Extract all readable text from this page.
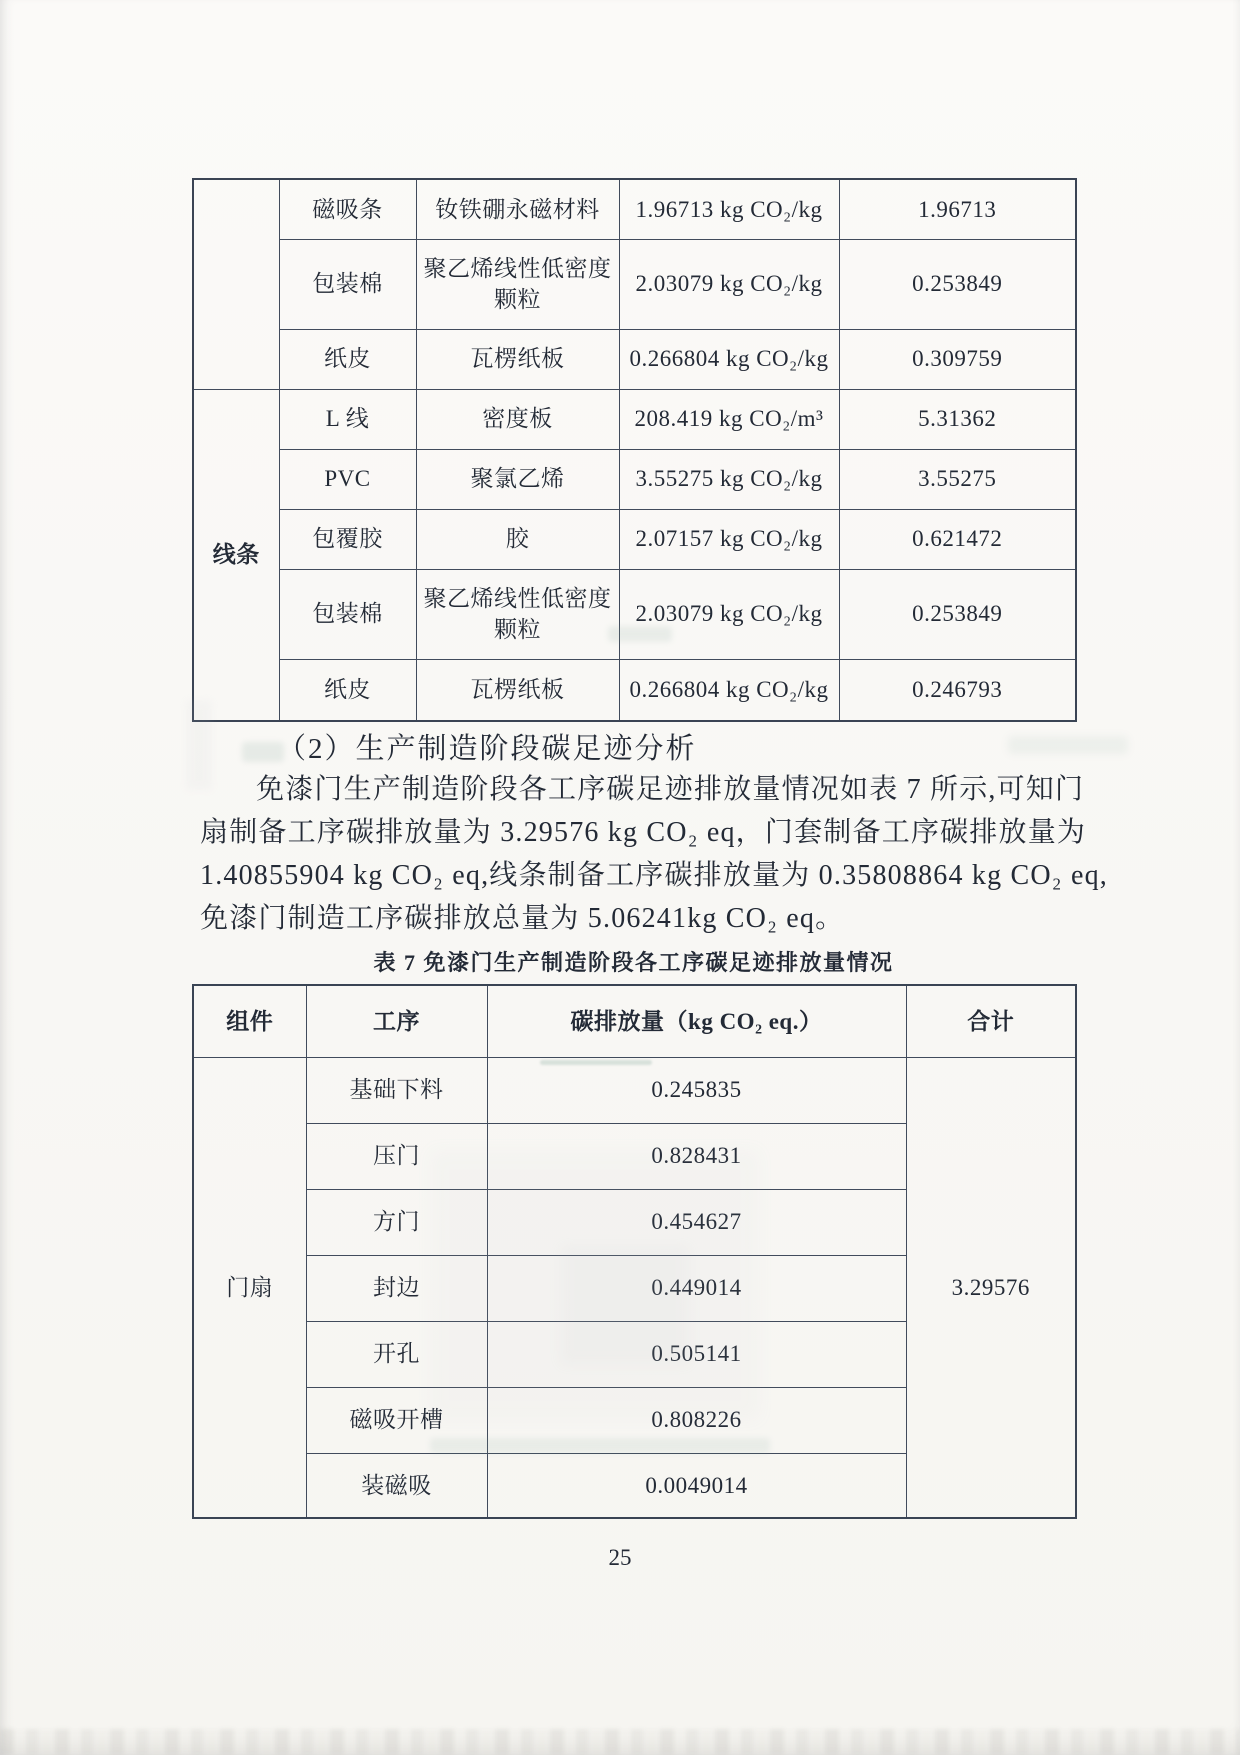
	磁吸条	钕铁硼永磁材料	1.96713 kg CO₂/kg	1.96713
	包装棉	聚乙烯线性低密度颗粒	2.03079 kg CO₂/kg	0.253849
	纸皮	瓦楞纸板	0.266804 kg CO₂/kg	0.309759
线条	L 线	密度板	208.419 kg CO₂/m³	5.31362
	PVC	聚氯乙烯	3.55275 kg CO₂/kg	3.55275
	包覆胶	胶	2.07157 kg CO₂/kg	0.621472
	包装棉	聚乙烯线性低密度颗粒	2.03079 kg CO₂/kg	0.253849
	纸皮	瓦楞纸板	0.266804 kg CO₂/kg	0.246793
（2）生产制造阶段碳足迹分析
免漆门生产制造阶段各工序碳足迹排放量情况如表 7 所示,可知门
扇制备工序碳排放量为 3.29576 kg CO₂ eq，门套制备工序碳排放量为
1.40855904 kg CO₂ eq,线条制备工序碳排放量为 0.35808864 kg CO₂ eq,
免漆门制造工序碳排放总量为 5.06241kg CO₂ eq。
表 7 免漆门生产制造阶段各工序碳足迹排放量情况
组件	工序	碳排放量（kg CO₂ eq.）	合计
门扇	基础下料	0.245835	3.29576
	压门	0.828431	
	方门	0.454627	
	封边	0.449014	
	开孔	0.505141	
	磁吸开槽	0.808226	
	装磁吸	0.0049014	
25
